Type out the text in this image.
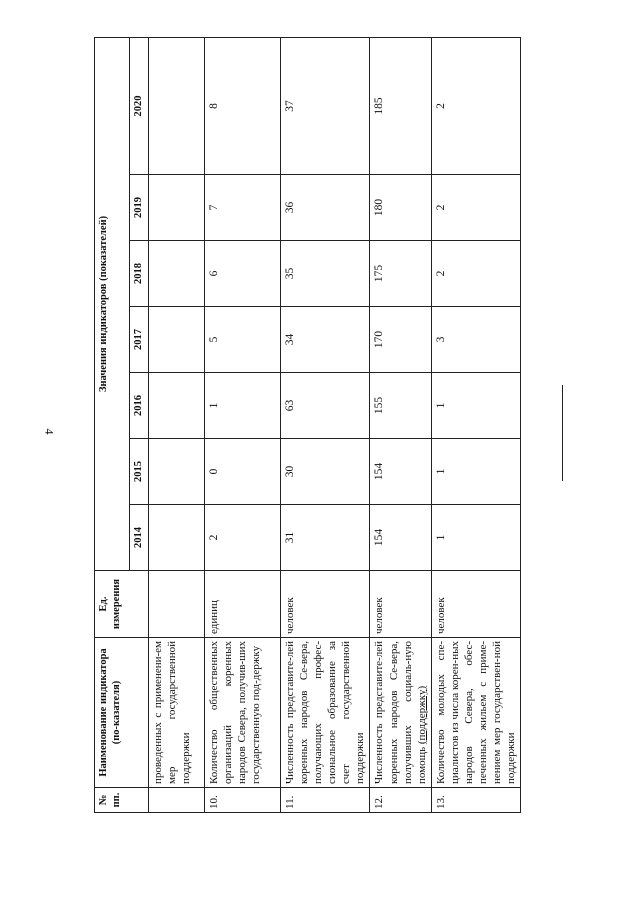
4
№ пп.	Наименование индикатора (по-казателя)	Ед. измерения	Значения индикаторов (показателей)						
			2014	2015	2016	2017	2018	2019	2020
	проведенных с применени-ем мер государственной поддержки								
10.	Количество общественных организаций коренных народов Севера, получив-ших государственную под-держку	единиц	2	0	1	5	6	7	8
11.	Численность представите-лей коренных народов Се-вера, получающих профес-сиональное образование за счет государственной поддержки	человек	31	30	63	34	35	36	37
12.	Численность представите-лей коренных народов Се-вера, получивших социаль-ную помощь (поддержку)	человек	154	154	155	170	175	180	185
13.	Количество молодых спе-циалистов из числа корен-ных народов Севера, обес-печенных жильем с приме-нением мер государствен-ной поддержки	человек	1	1	1	3	2	2	2
